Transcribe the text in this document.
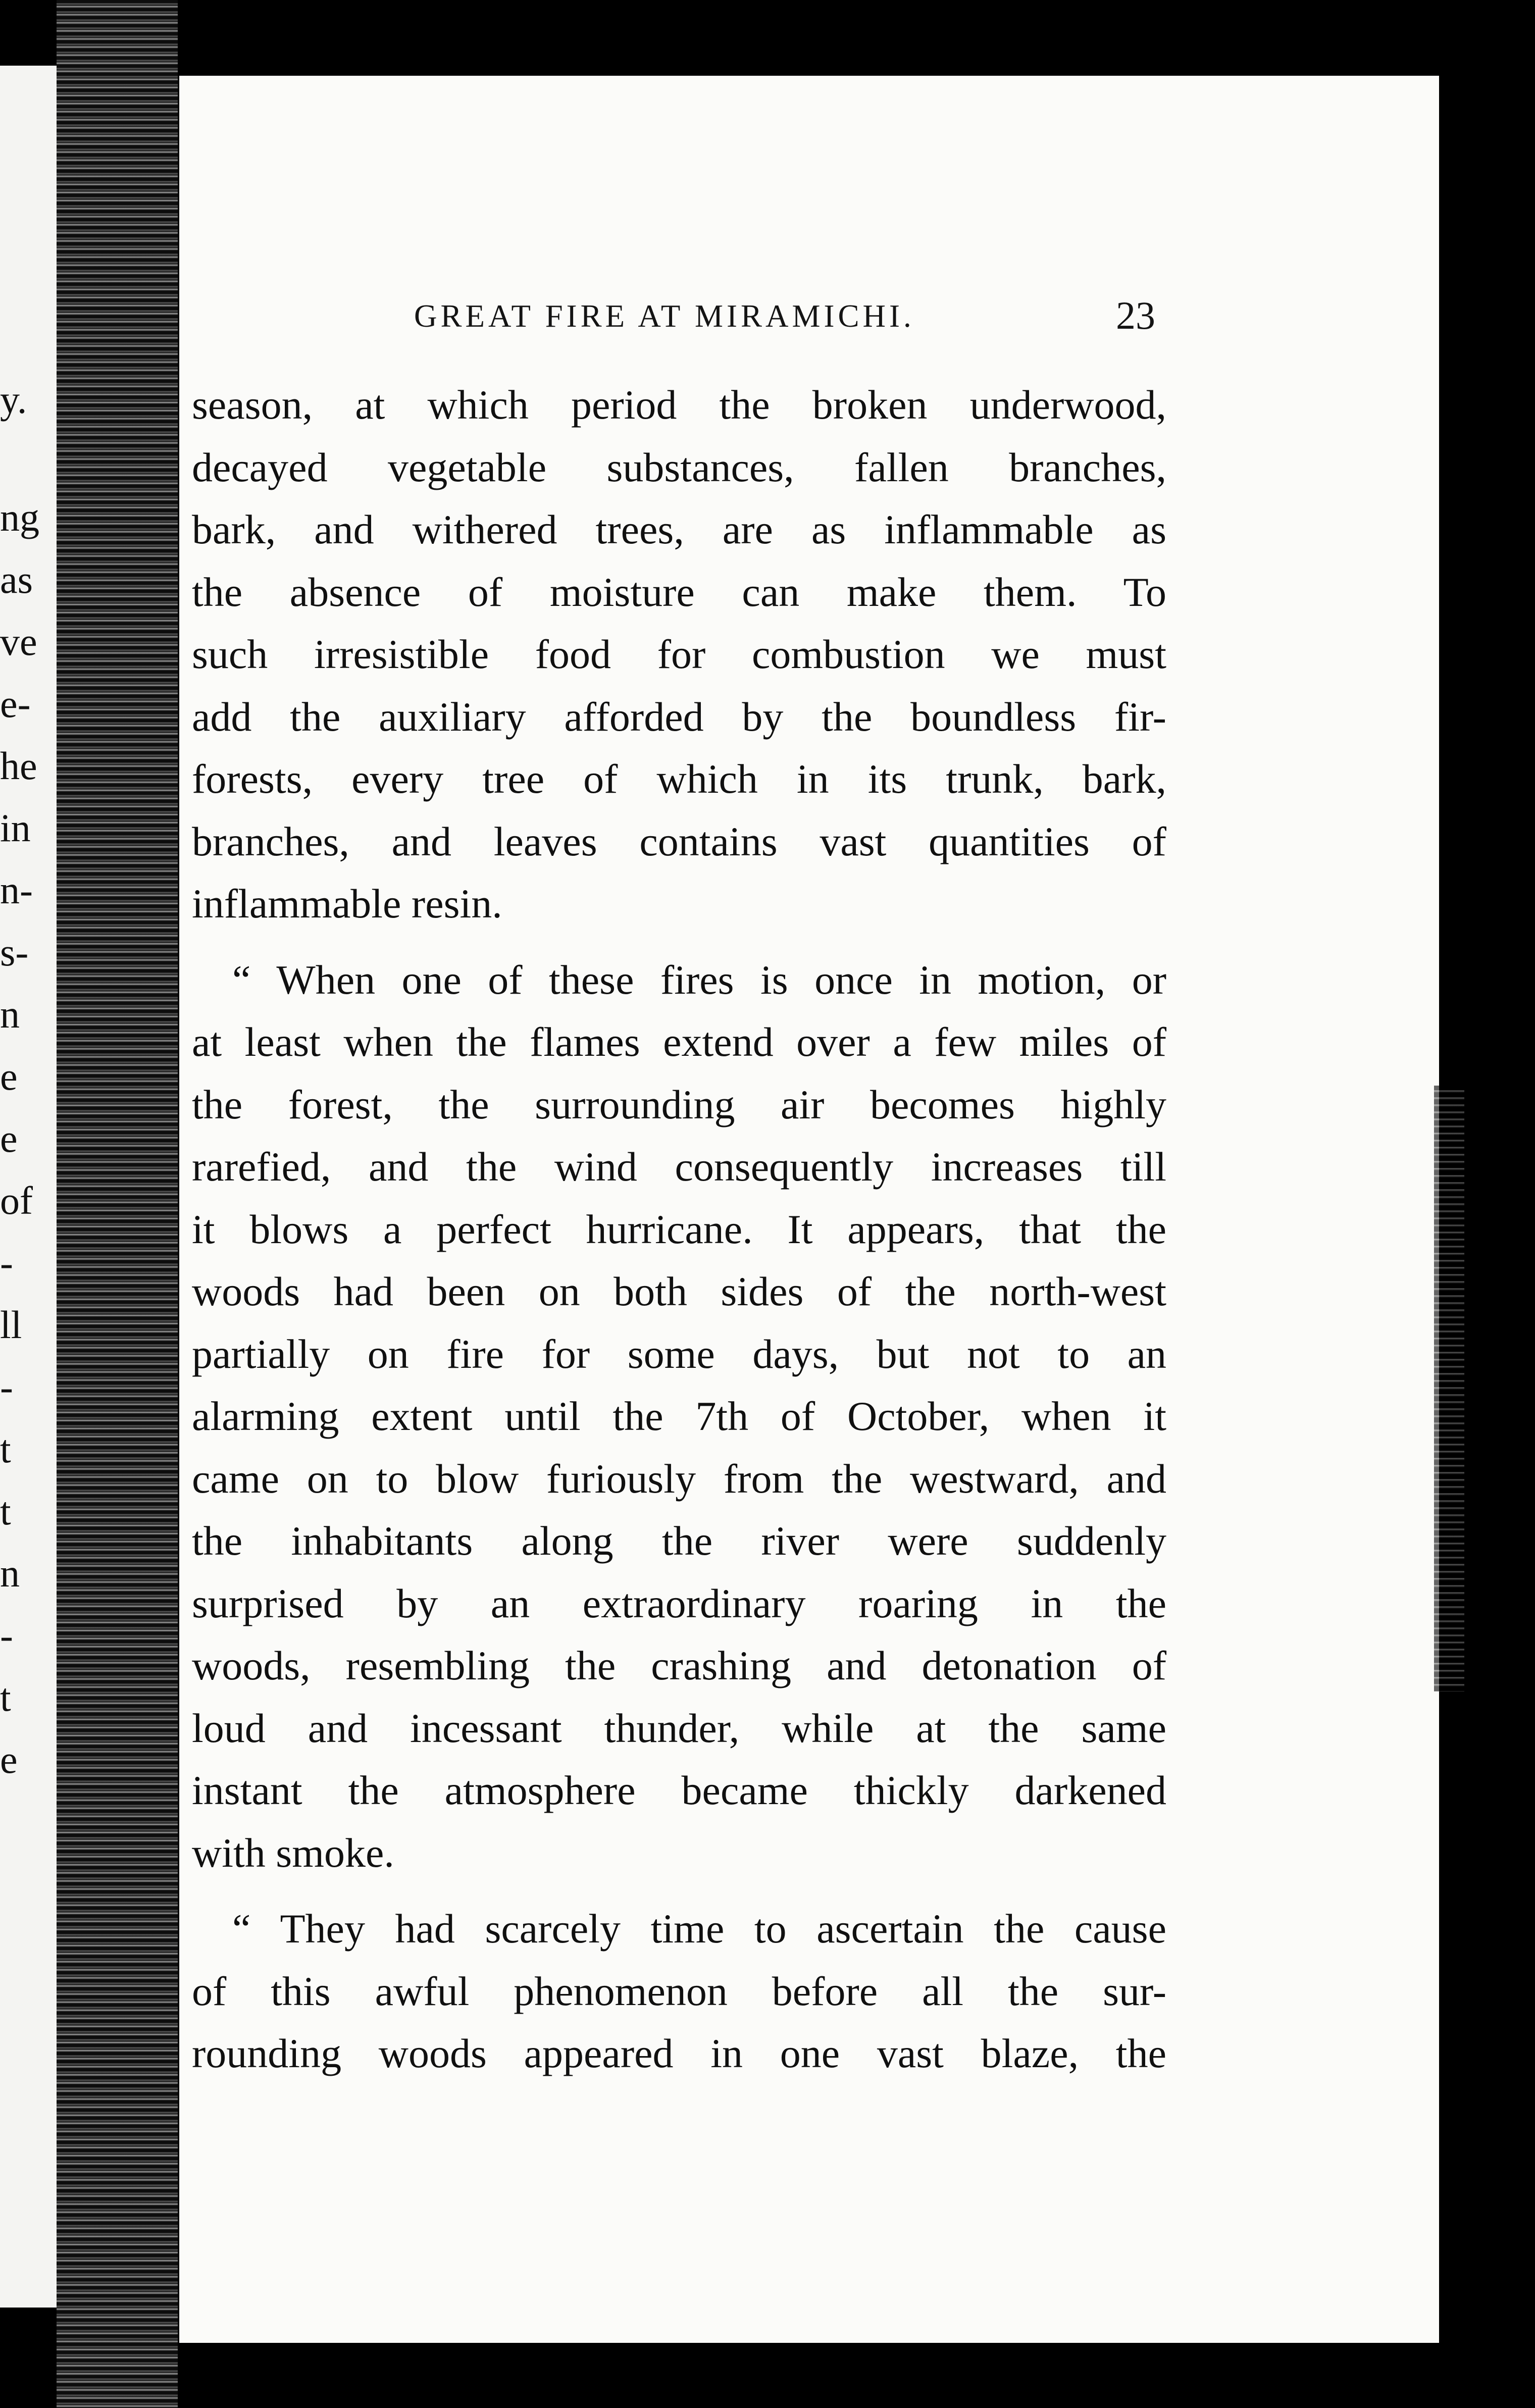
y.
ng
as
ve
e-
he
in
n-
s-
n
e
e
of
-
ll
-
t
t
n
-
t
e
GREAT FIRE AT MIRAMICHI.	23

season, at which period the broken underwood,
decayed vegetable substances, fallen branches,
bark, and withered trees, are as inflammable as
the absence of moisture can make them. To
such irresistible food for combustion we must
add the auxiliary afforded by the boundless fir-
forests, every tree of which in its trunk, bark,
branches, and leaves contains vast quantities of
inflammable resin.

“ When one of these fires is once in motion, or
at least when the flames extend over a few miles of
the forest, the surrounding air becomes highly
rarefied, and the wind consequently increases till
it blows a perfect hurricane. It appears, that the
woods had been on both sides of the north-west
partially on fire for some days, but not to an
alarming extent until the 7th of October, when it
came on to blow furiously from the westward, and
the inhabitants along the river were suddenly
surprised by an extraordinary roaring in the
woods, resembling the crashing and detonation of
loud and incessant thunder, while at the same
instant the atmosphere became thickly darkened
with smoke.

“ They had scarcely time to ascertain the cause
of this awful phenomenon before all the sur-
rounding woods appeared in one vast blaze, the
